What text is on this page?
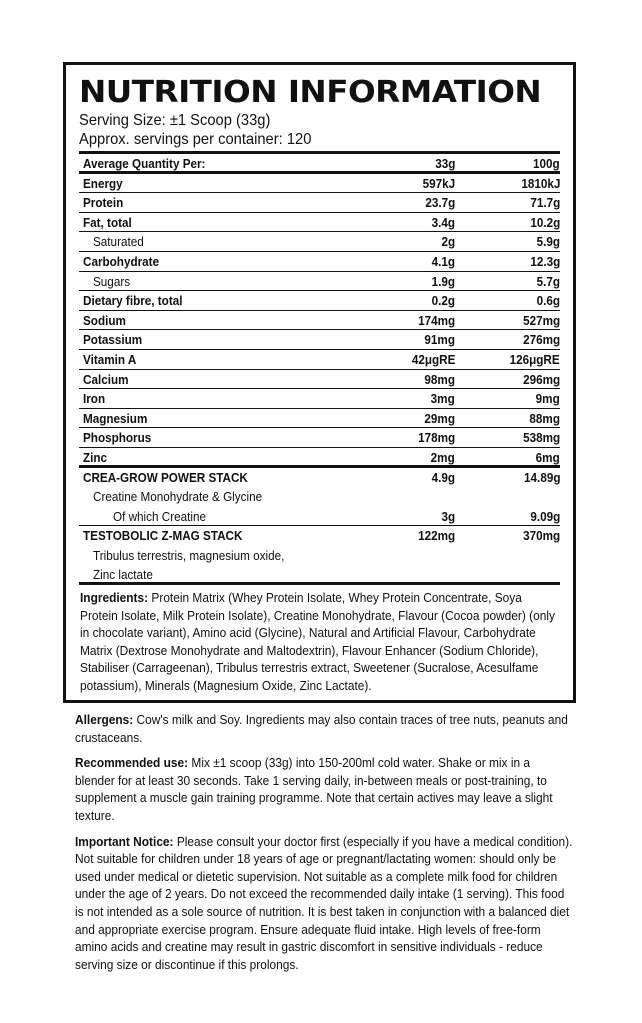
NUTRITION INFORMATION
Serving Size: ±1 Scoop (33g)
Approx. servings per container: 120
Average Quantity Per:	33g	100g
Energy	597kJ	1810kJ
Protein	23.7g	71.7g
Fat, total	3.4g	10.2g
Saturated	2g	5.9g
Carbohydrate	4.1g	12.3g
Sugars	1.9g	5.7g
Dietary fibre, total	0.2g	0.6g
Sodium	174mg	527mg
Potassium	91mg	276mg
Vitamin A	42μgRE	126μgRE
Calcium	98mg	296mg
Iron	3mg	9mg
Magnesium	29mg	88mg
Phosphorus	178mg	538mg
Zinc	2mg	6mg
CREA-GROW POWER STACK	4.9g	14.89g
Creatine Monohydrate & Glycine
Of which Creatine	3g	9.09g
TESTOBOLIC Z-MAG STACK	122mg	370mg
Tribulus terrestris, magnesium oxide,
Zinc lactate

Ingredients: Protein Matrix (Whey Protein Isolate, Whey Protein Concentrate, Soya Protein Isolate, Milk Protein Isolate), Creatine Monohydrate, Flavour (Cocoa powder) (only in chocolate variant), Amino acid (Glycine), Natural and Artificial Flavour, Carbohydrate Matrix (Dextrose Monohydrate and Maltodextrin), Flavour Enhancer (Sodium Chloride), Stabiliser (Carrageenan), Tribulus terrestris extract, Sweetener (Sucralose, Acesulfame potassium), Minerals (Magnesium Oxide, Zinc Lactate).

Allergens: Cow's milk and Soy. Ingredients may also contain traces of tree nuts, peanuts and crustaceans.

Recommended use: Mix ±1 scoop (33g) into 150-200ml cold water. Shake or mix in a blender for at least 30 seconds. Take 1 serving daily, in-between meals or post-training, to supplement a muscle gain training programme. Note that certain actives may leave a slight texture.

Important Notice: Please consult your doctor first (especially if you have a medical condition). Not suitable for children under 18 years of age or pregnant/lactating women: should only be used under medical or dietetic supervision. Not suitable as a complete milk food for children under the age of 2 years. Do not exceed the recommended daily intake (1 serving). This food is not intended as a sole source of nutrition. It is best taken in conjunction with a balanced diet and appropriate exercise program. Ensure adequate fluid intake. High levels of free-form amino acids and creatine may result in gastric discomfort in sensitive individuals - reduce serving size or discontinue if this prolongs.
